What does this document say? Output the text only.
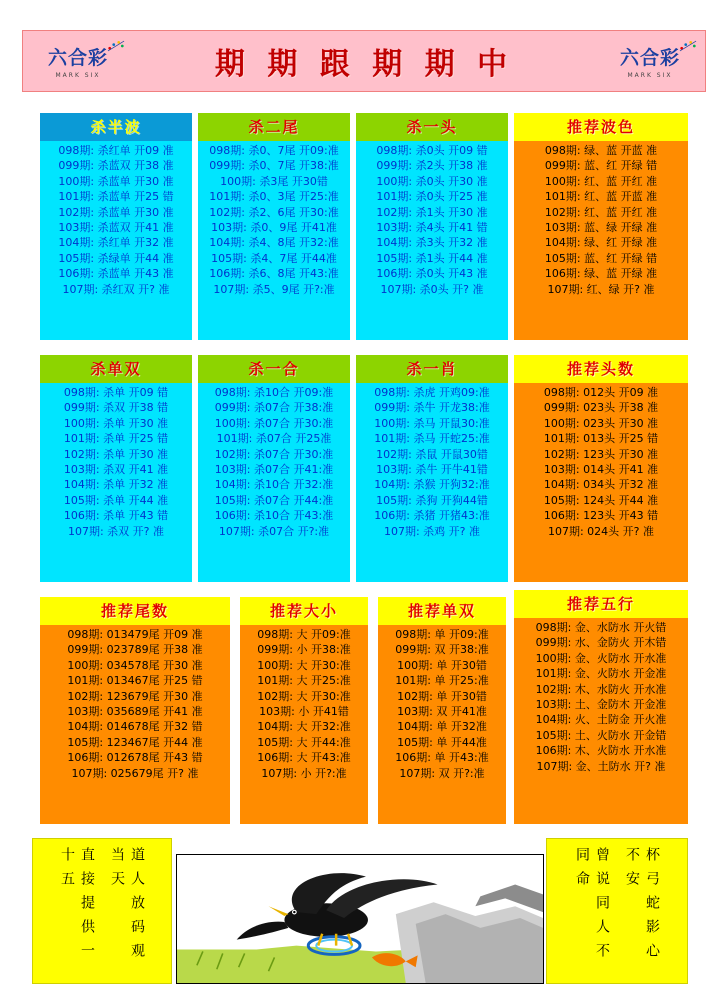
六合彩
MARK SIX	期 期 跟 期 期 中	六合彩
MARK SIX
杀半波
098期: 杀红单 开09 准
099期: 杀蓝双 开38 准
100期: 杀蓝单 开30 准
101期: 杀蓝单 开25 错
102期: 杀蓝单 开30 准
103期: 杀蓝双 开41 准
104期: 杀红单 开32 准
105期: 杀绿单 开44 准
106期: 杀蓝单 开43 准
107期: 杀红双 开? 准
杀二尾
098期: 杀0、7尾 开09:准
099期: 杀0、7尾 开38:准
100期: 杀3尾 开30错
101期: 杀0、3尾 开25:准
102期: 杀2、6尾 开30:准
103期: 杀0、9尾 开41准
104期: 杀4、8尾 开32:准
105期: 杀4、7尾 开44准
106期: 杀6、8尾 开43:准
107期: 杀5、9尾 开?:准
杀一头
098期: 杀0头 开09 错
099期: 杀2头 开38 准
100期: 杀0头 开30 准
101期: 杀0头 开25 准
102期: 杀1头 开30 准
103期: 杀4头 开41 错
104期: 杀3头 开32 准
105期: 杀1头 开44 准
106期: 杀0头 开43 准
107期: 杀0头 开? 准
推荐波色
098期: 绿、蓝 开蓝 准
099期: 蓝、红 开绿 错
100期: 红、蓝 开红 准
101期: 红、蓝 开蓝 准
102期: 红、蓝 开红 准
103期: 蓝、绿 开绿 准
104期: 绿、红 开绿 准
105期: 蓝、红 开绿 错
106期: 绿、蓝 开绿 准
107期: 红、绿 开? 准
杀单双
098期: 杀单 开09 错
099期: 杀双 开38 错
100期: 杀单 开30 准
101期: 杀单 开25 错
102期: 杀单 开30 准
103期: 杀双 开41 准
104期: 杀单 开32 准
105期: 杀单 开44 准
106期: 杀单 开43 错
107期: 杀双 开? 准
杀一合
098期: 杀10合 开09:准
099期: 杀07合 开38:准
100期: 杀07合 开30:准
101期: 杀07合 开25准
102期: 杀07合 开30:准
103期: 杀07合 开41:准
104期: 杀10合 开32:准
105期: 杀07合 开44:准
106期: 杀10合 开43:准
107期: 杀07合 开?:准
杀一肖
098期: 杀虎 开鸡09:准
099期: 杀牛 开龙38:准
100期: 杀马 开鼠30:准
101期: 杀马 开蛇25:准
102期: 杀鼠 开鼠30错
103期: 杀牛 开牛41错
104期: 杀猴 开狗32:准
105期: 杀狗 开狗44错
106期: 杀猪 开猪43:准
107期: 杀鸡 开? 准
推荐头数
098期: 012头 开09 准
099期: 023头 开38 准
100期: 023头 开30 准
101期: 013头 开25 错
102期: 123头 开30 准
103期: 014头 开41 准
104期: 034头 开32 准
105期: 124头 开44 准
106期: 123头 开43 错
107期: 024头 开? 准
推荐尾数
098期: 013479尾 开09 准
099期: 023789尾 开38 准
100期: 034578尾 开30 准
101期: 013467尾 开25 错
102期: 123679尾 开30 准
103期: 035689尾 开41 准
104期: 014678尾 开32 错
105期: 123467尾 开44 准
106期: 012678尾 开43 错
107期: 025679尾 开? 准
推荐大小
098期: 大 开09:准
099期: 小 开38:准
100期: 大 开30:准
101期: 大 开25:准
102期: 大 开30:准
103期: 小 开41错
104期: 大 开32:准
105期: 大 开44:准
106期: 大 开43:准
107期: 小 开?:准
推荐单双
098期: 单 开09:准
099期: 双 开38:准
100期: 单 开30错
101期: 单 开25:准
102期: 单 开30错
103期: 双 开41准
104期: 单 开32准
105期: 单 开44准
106期: 单 开43:准
107期: 双 开?:准
推荐五行
098期: 金、水防水 开火错
099期: 水、金防火 开木错
100期: 金、火防水 开水准
101期: 金、火防水 开金准
102期: 木、水防火 开水准
103期: 土、金防木 开金准
104期: 火、土防金 开火准
105期: 土、火防水 开金错
106期: 木、火防水 开水准
107期: 金、土防水 开? 准
道人放码观当天
直接提供一十五	杯弓蛇影心不安
曾说同人不同命
